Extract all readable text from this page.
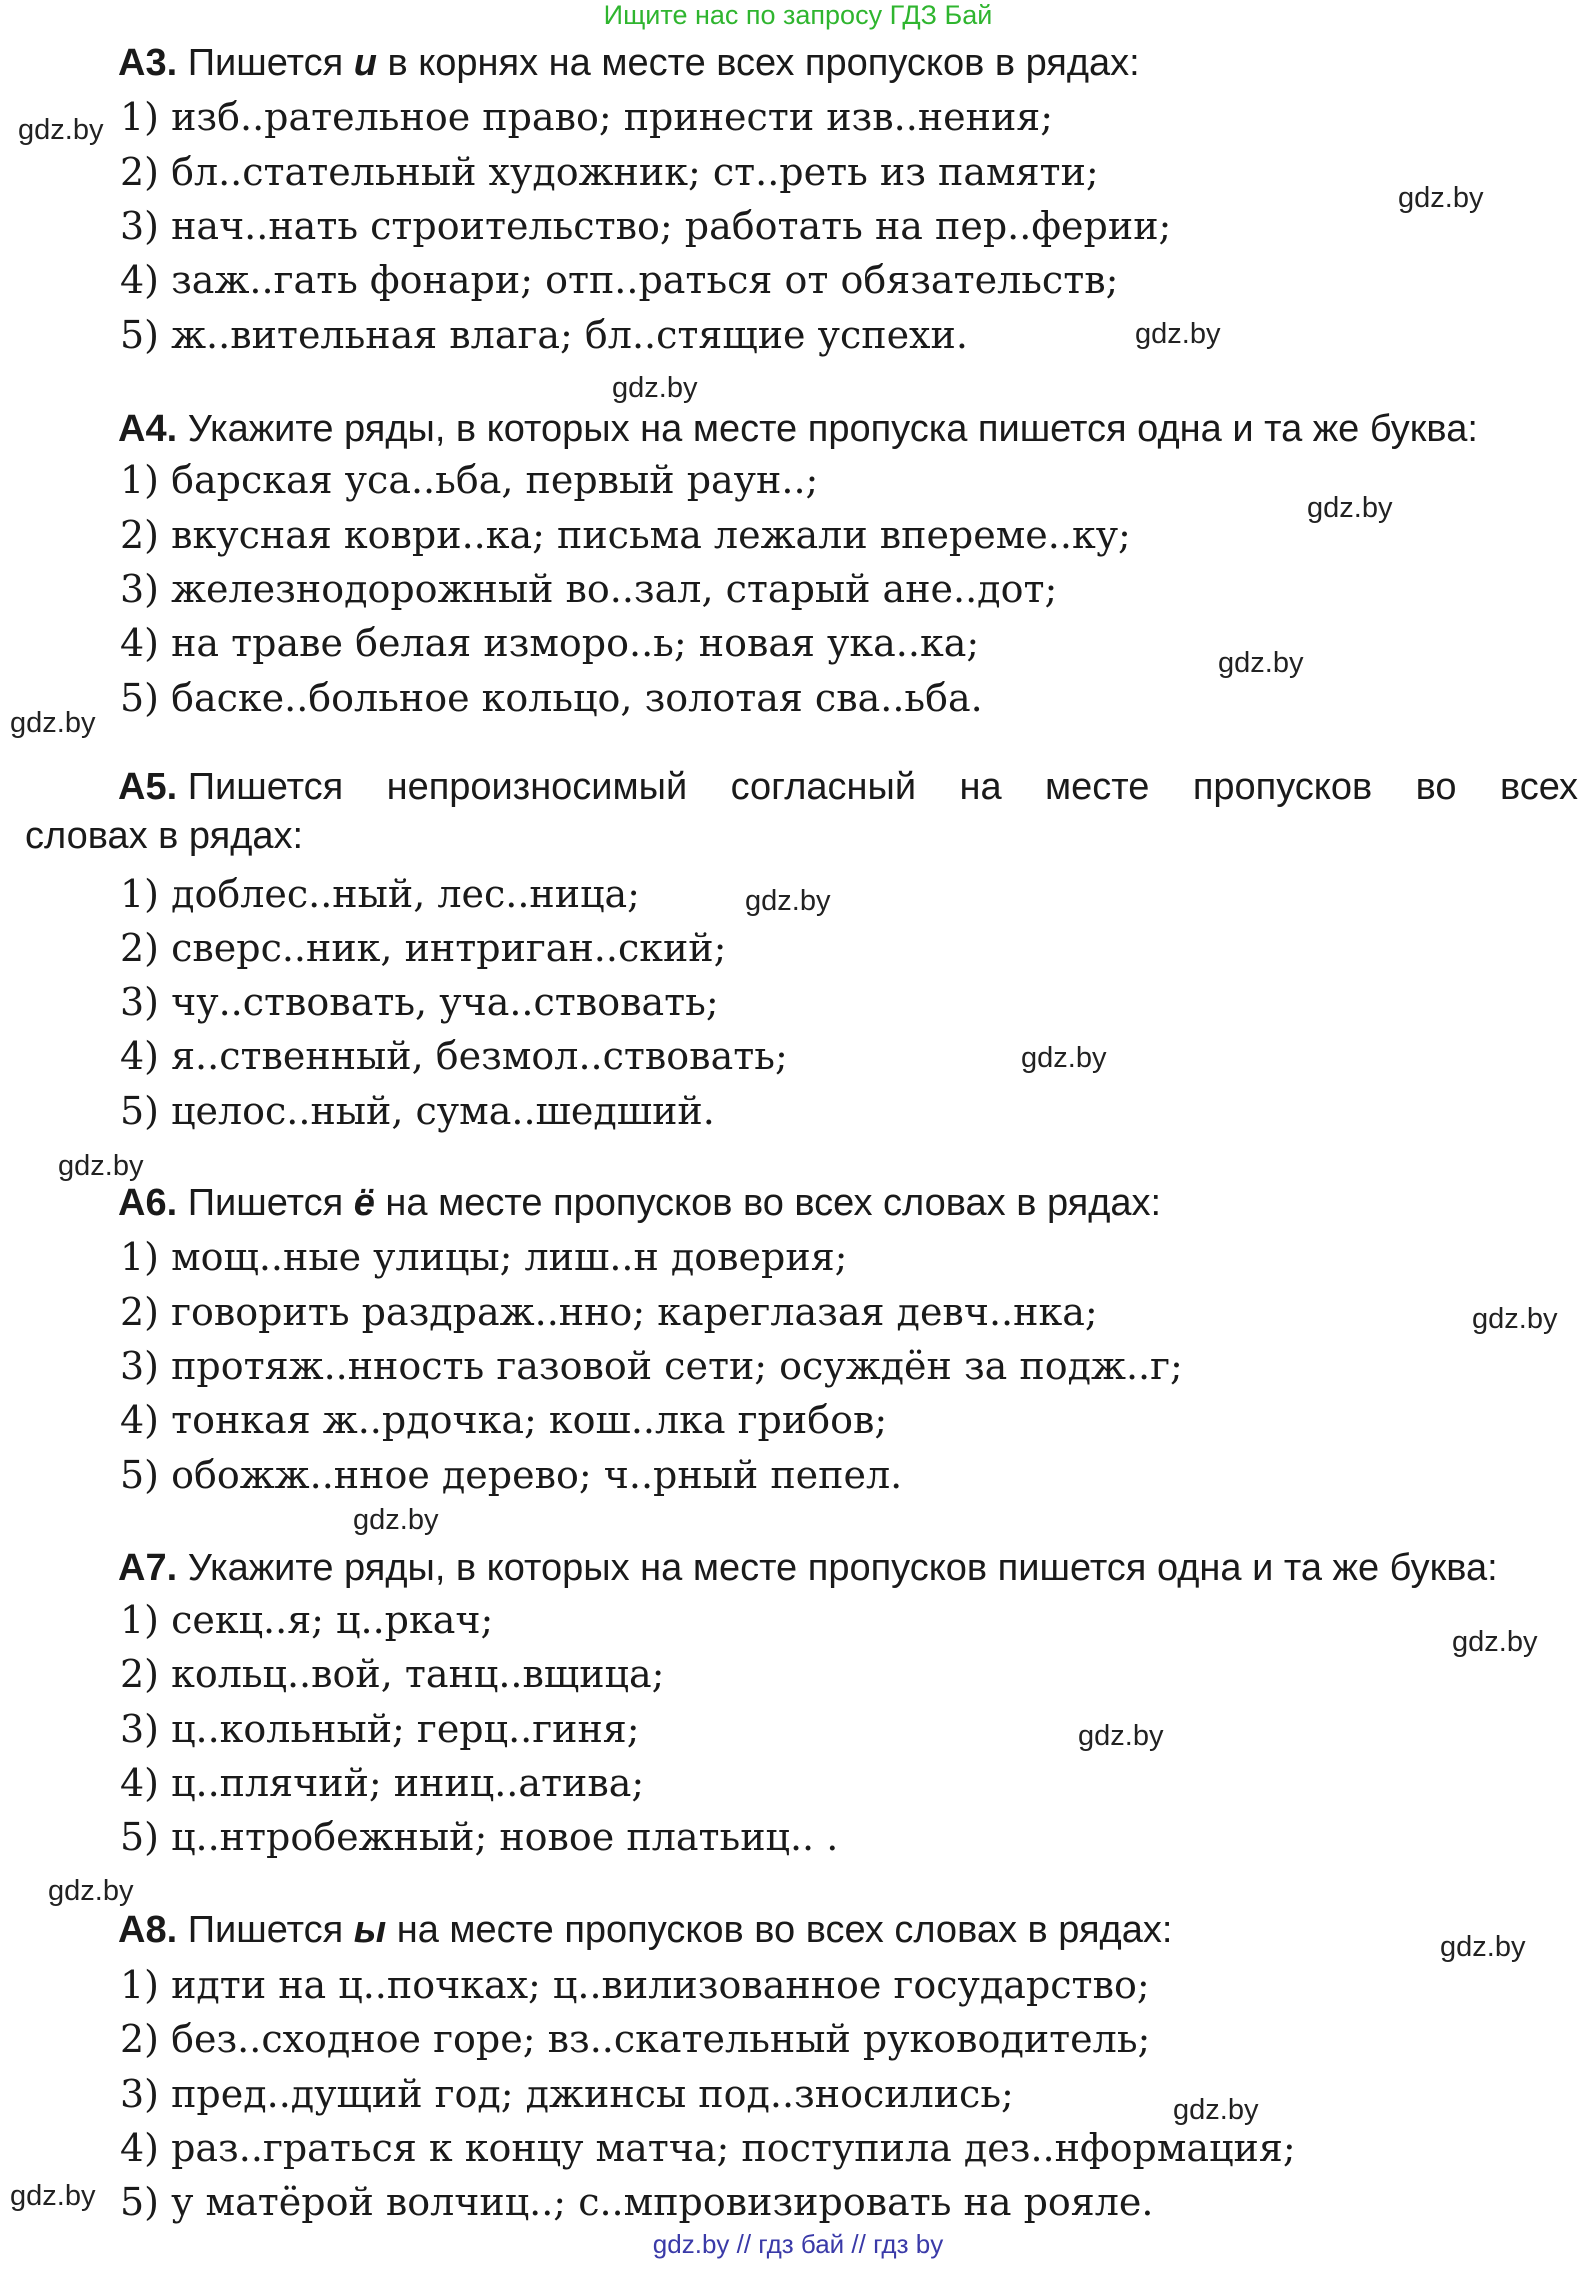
Ищите нас по запросу ГДЗ Бай
А3. Пишется и в корнях на месте всех пропусков в рядах:
1) изб..рательное право; принести изв..нения;
2) бл..стательный художник; ст..реть из памяти;
3) нач..нать строительство; работать на пер..ферии;
4) заж..гать фонари; отп..раться от обязательств;
5) ж..вительная влага; бл..стящие успехи.
А4. Укажите ряды, в которых на месте пропуска пишется одна и та же буква:
1) барская уса..ьба, первый раун..;
2) вкусная коври..ка; письма лежали впереме..ку;
3) железнодорожный во..зал, старый ане..дот;
4) на траве белая изморо..ь; новая ука..ка;
5) баске..больное кольцо, золотая сва..ьба.
А5. Пишется непроизносимый согласный на месте пропусков во всех
словах в рядах:
1) доблес..ный, лес..ница;
2) сверс..ник, интриган..ский;
3) чу..ствовать, уча..ствовать;
4) я..ственный, безмол..ствовать;
5) целос..ный, сума..шедший.
А6. Пишется ё на месте пропусков во всех словах в рядах:
1) мощ..ные улицы; лиш..н доверия;
2) говорить раздраж..нно; кареглазая девч..нка;
3) протяж..нность газовой сети; осуждён за подж..г;
4) тонкая ж..рдочка; кош..лка грибов;
5) обожж..нное дерево; ч..рный пепел.
А7. Укажите ряды, в которых на месте пропусков пишется одна и та же буква:
1) секц..я; ц..ркач;
2) кольц..вой, танц..вщица;
3) ц..кольный; герц..гиня;
4) ц..плячий; иниц..атива;
5) ц..нтробежный; новое платьиц.. .
А8. Пишется ы на месте пропусков во всех словах в рядах:
1) идти на ц..почках; ц..вилизованное государство;
2) без..сходное горе; вз..скательный руководитель;
3) пред..дущий год; джинсы под..зносились;
4) раз..граться к концу матча; поступила дез..нформация;
5) у матёрой волчиц..; с..мпровизировать на рояле.
gdz.by
gdz.by
gdz.by
gdz.by
gdz.by
gdz.by
gdz.by
gdz.by
gdz.by
gdz.by
gdz.by
gdz.by
gdz.by
gdz.by
gdz.by
gdz.by
gdz.by
gdz.by
gdz.by // гдз бай // гдз by
